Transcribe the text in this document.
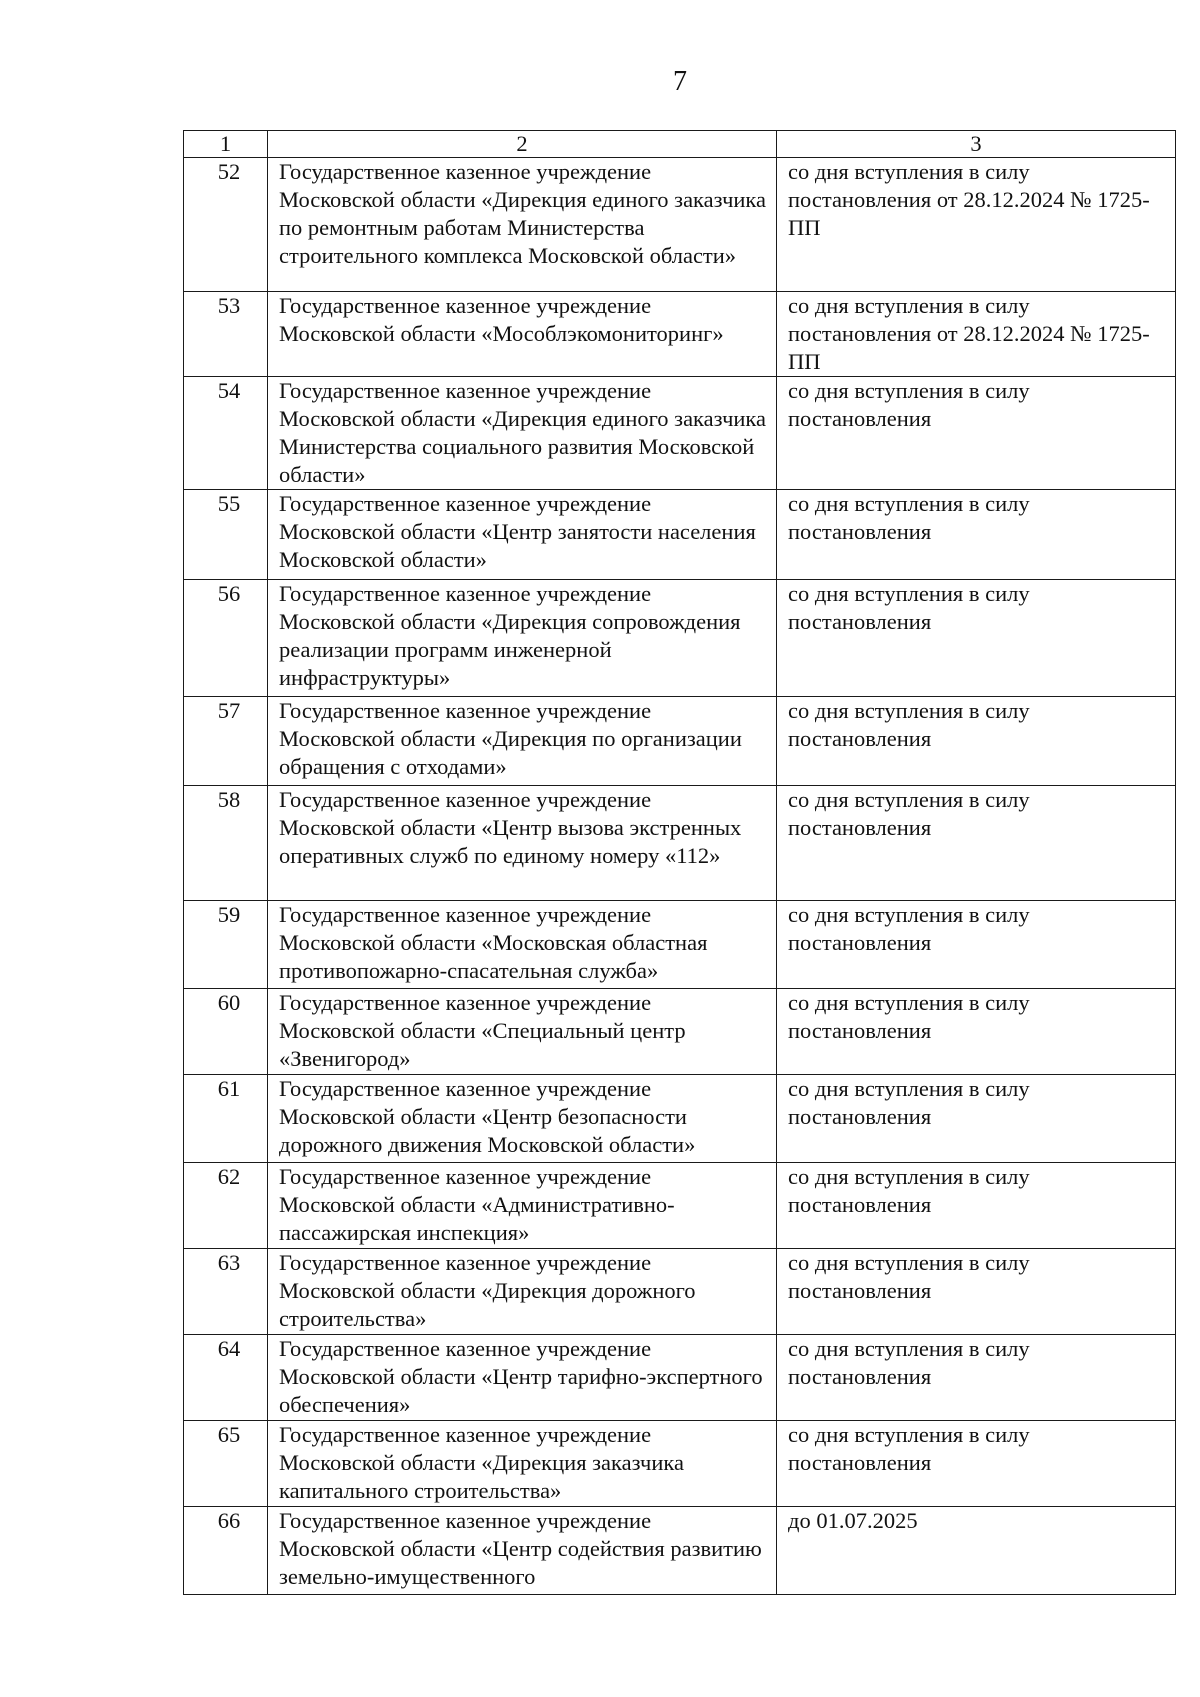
7
1	2	3
52	Государственное казенное учреждение Московской области «Дирекция единого заказчика по ремонтным работам Министерства строительного комплекса Московской области»	со дня вступления в силу постановления от 28.12.2024 № 1725-ПП
53	Государственное казенное учреждение Московской области «Мособлэкомониторинг»	со дня вступления в силу постановления от 28.12.2024 № 1725-ПП
54	Государственное казенное учреждение Московской области «Дирекция единого заказчика Министерства социального развития Московской области»	со дня вступления в силу постановления
55	Государственное казенное учреждение Московской области «Центр занятости населения Московской области»	со дня вступления в силу постановления
56	Государственное казенное учреждение Московской области «Дирекция сопровождения реализации программ инженерной инфраструктуры»	со дня вступления в силу постановления
57	Государственное казенное учреждение Московской области «Дирекция по организации обращения с отходами»	со дня вступления в силу постановления
58	Государственное казенное учреждение Московской области «Центр вызова экстренных оперативных служб по единому номеру «112»	со дня вступления в силу постановления
59	Государственное казенное учреждение Московской области «Московская областная противопожарно-спасательная служба»	со дня вступления в силу постановления
60	Государственное казенное учреждение Московской области «Специальный центр «Звенигород»	со дня вступления в силу постановления
61	Государственное казенное учреждение Московской области «Центр безопасности дорожного движения Московской области»	со дня вступления в силу постановления
62	Государственное казенное учреждение Московской области «Административно-пассажирская инспекция»	со дня вступления в силу постановления
63	Государственное казенное учреждение Московской области «Дирекция дорожного строительства»	со дня вступления в силу постановления
64	Государственное казенное учреждение Московской области «Центр тарифно-экспертного обеспечения»	со дня вступления в силу постановления
65	Государственное казенное учреждение Московской области «Дирекция заказчика капитального строительства»	со дня вступления в силу постановления
66	Государственное казенное учреждение Московской области «Центр содействия развитию земельно-имущественного	до 01.07.2025
